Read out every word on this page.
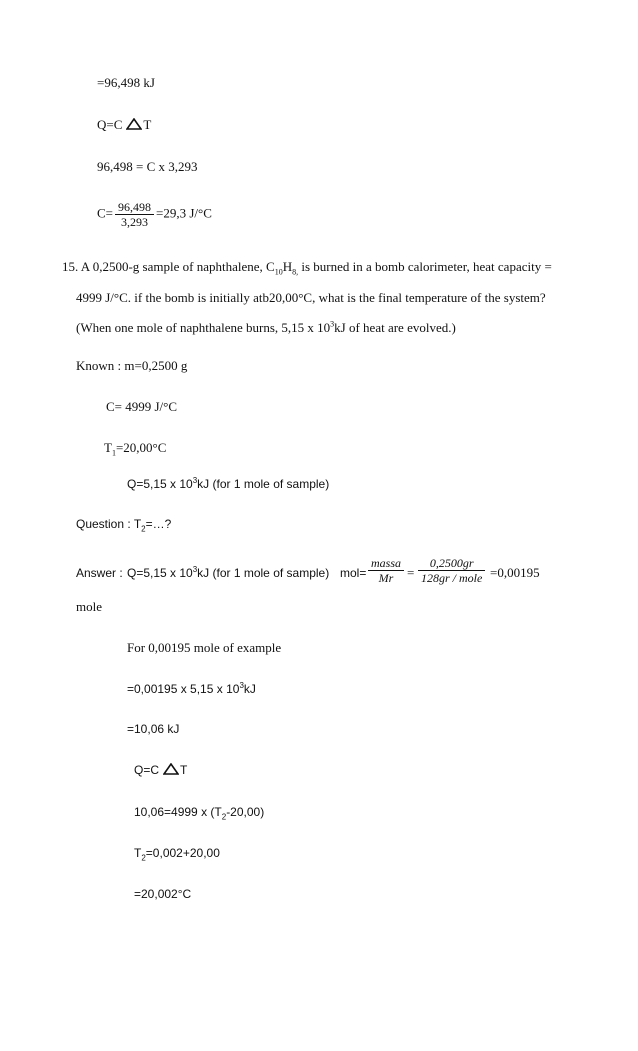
=96,498 kJ
Q=C T
96,498 = C x 3,293
$C= \frac{96,498}{3,293} =29,3$ J/°C
15. A 0,2500-g sample of naphthalene, $C_{10}H_{8,}$ is burned in a bomb calorimeter, heat capacity =
4999 J/°C. if the bomb is initially atb20,00°C, what is the final temperature of the system?
(When one mole of naphthalene burns, 5,15 x $10^3kJ$ of heat are evolved.)
Known : m=0,2500 g
C= 4999 J/°C
$T_1=20,00^\circ C$
Q=5,15 x $10^3kJ$ (for 1 mole of sample)
Question : $T_2=\dots$?
Answer : Q=5,15 x $10^3kJ$ (for 1 mole of sample) $mol= \frac{\text{massa}}{Mr} = \frac{0,2500gr}{\text{128gr / mole}} =0,00195$
mole
For 0,00195 mole of example
=0,00195 x 5,15 x $10^3kJ$
=10,06 kJ
Q=C T
10,06=4999 x $(T_2-20,00)$
$T_2=0,002+20,00$
=20,002°C
